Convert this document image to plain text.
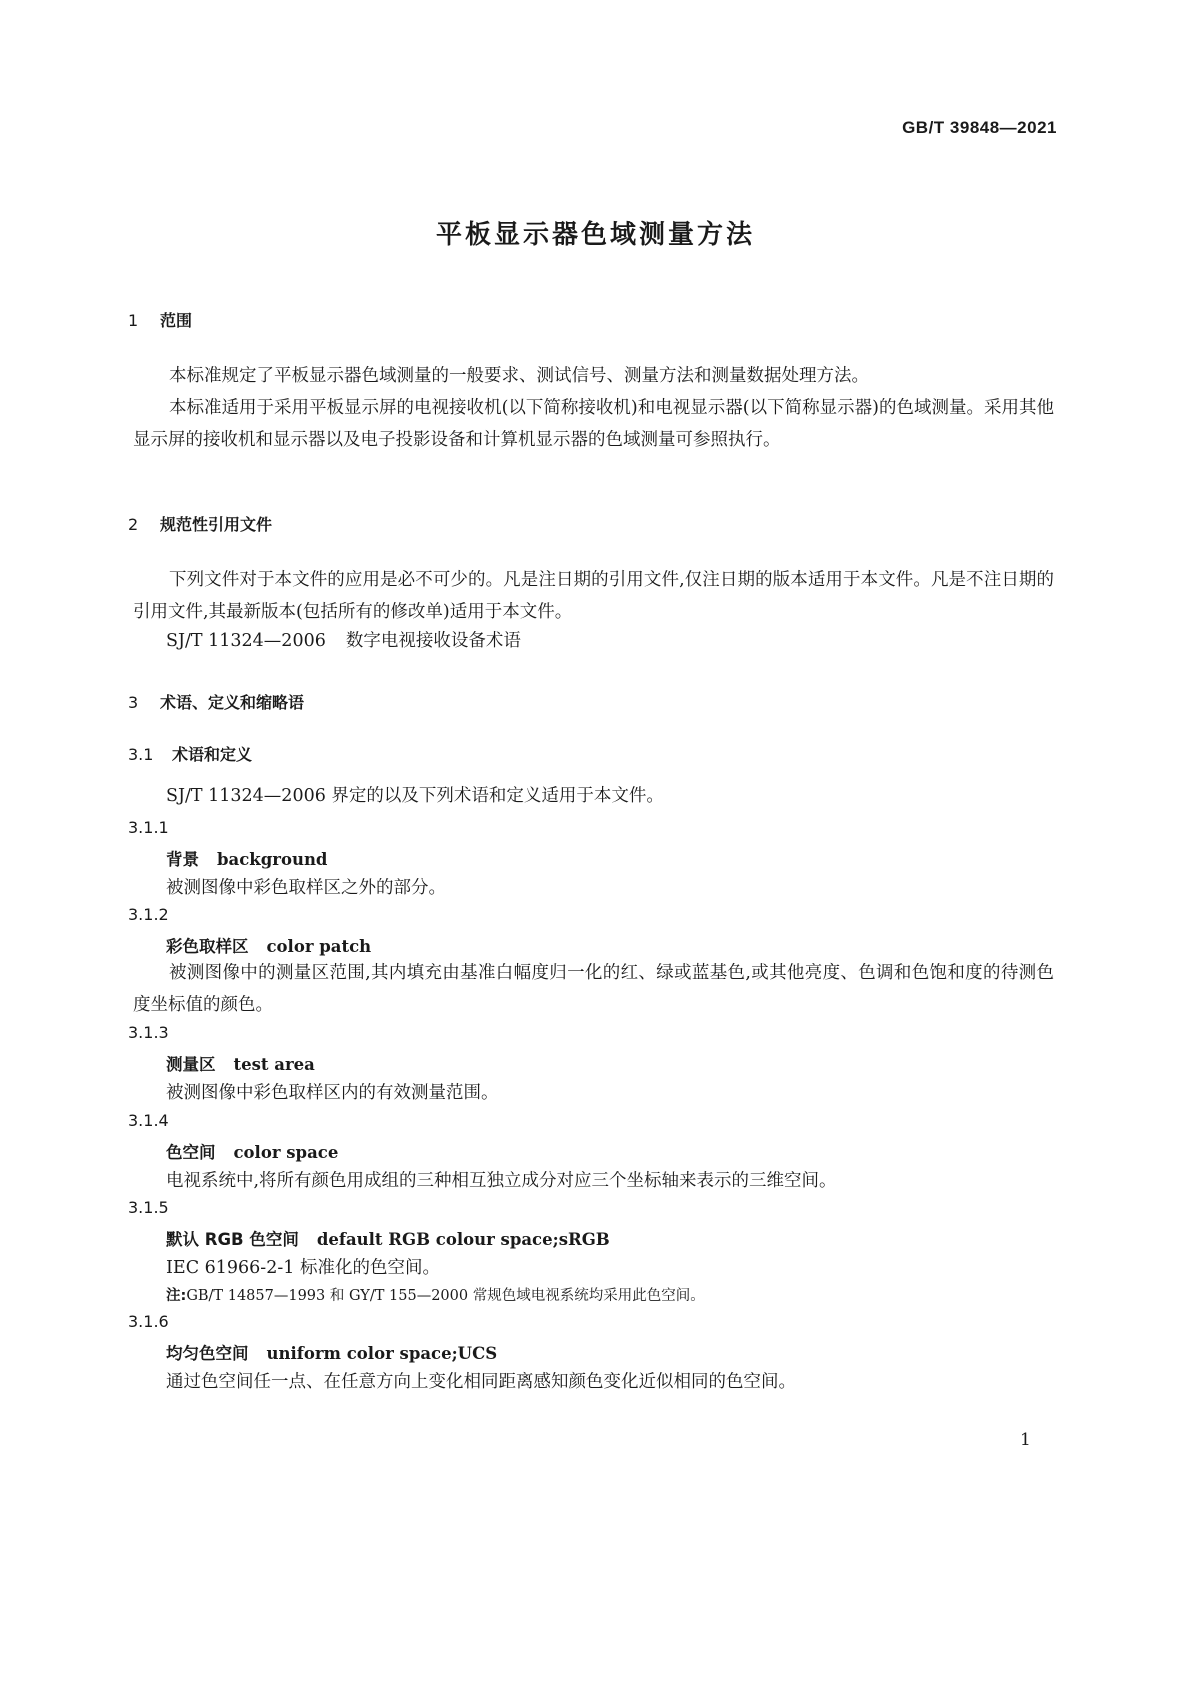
GB/T 39848—2021
平板显示器色域测量方法
1 范围
本标准规定了平板显示器色域测量的一般要求、测试信号、测量方法和测量数据处理方法。
本标准适用于采用平板显示屏的电视接收机(以下简称接收机)和电视显示器(以下简称显示器)的色域测量。采用其他显示屏的接收机和显示器以及电子投影设备和计算机显示器的色域测量可参照执行。
2 规范性引用文件
下列文件对于本文件的应用是必不可少的。凡是注日期的引用文件,仅注日期的版本适用于本文件。凡是不注日期的引用文件,其最新版本(包括所有的修改单)适用于本文件。
SJ/T 11324—2006 数字电视接收设备术语
3 术语、定义和缩略语
3.1 术语和定义
SJ/T 11324—2006 界定的以及下列术语和定义适用于本文件。
3.1.1
背景 background
被测图像中彩色取样区之外的部分。
3.1.2
彩色取样区 color patch
被测图像中的测量区范围,其内填充由基准白幅度归一化的红、绿或蓝基色,或其他亮度、色调和色饱和度的待测色度坐标值的颜色。
3.1.3
测量区 test area
被测图像中彩色取样区内的有效测量范围。
3.1.4
色空间 color space
电视系统中,将所有颜色用成组的三种相互独立成分对应三个坐标轴来表示的三维空间。
3.1.5
默认 RGB 色空间 default RGB colour space;sRGB
IEC 61966-2-1 标准化的色空间。
注:GB/T 14857—1993 和 GY/T 155—2000 常规色域电视系统均采用此色空间。
3.1.6
均匀色空间 uniform color space;UCS
通过色空间任一点、在任意方向上变化相同距离感知颜色变化近似相同的色空间。
1
